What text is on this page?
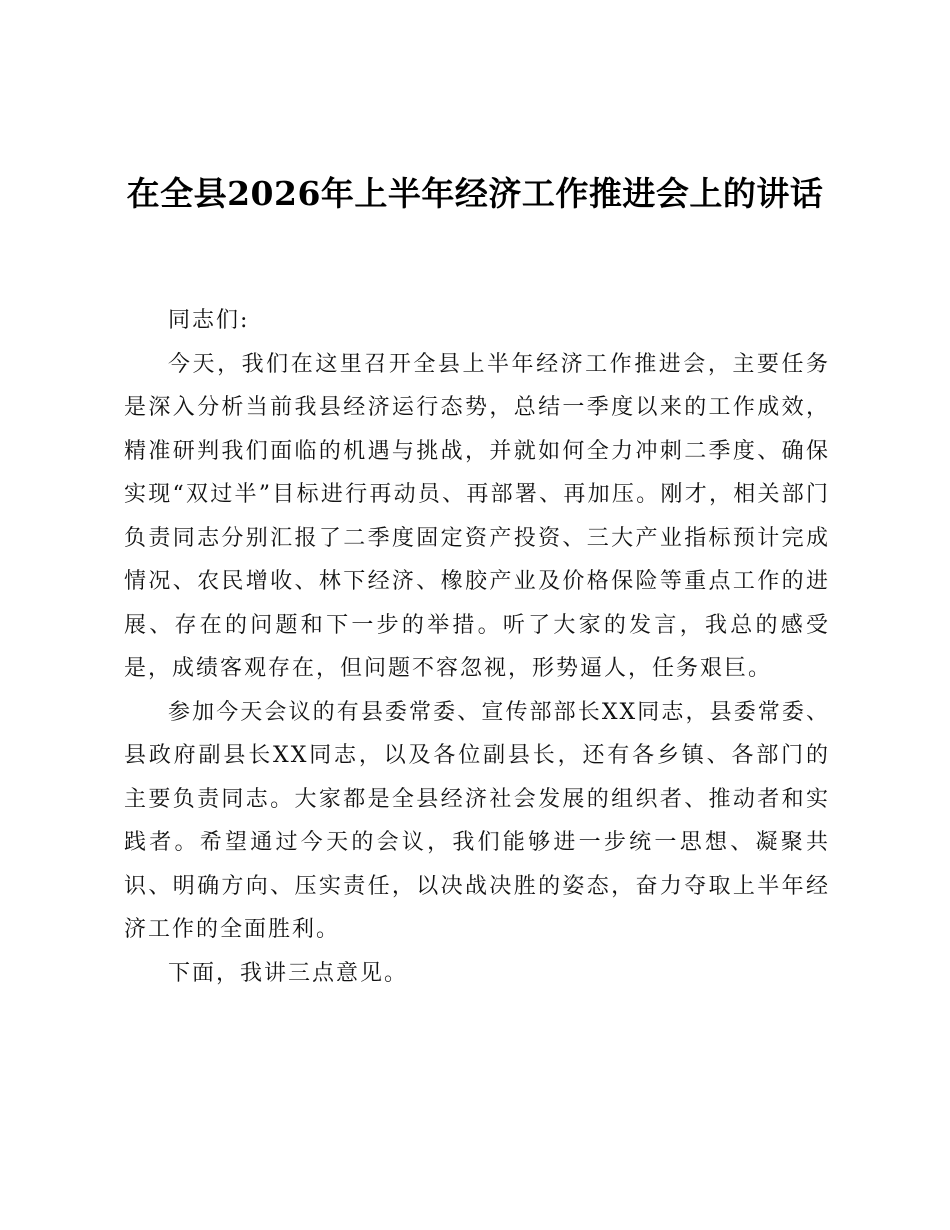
在全县2026年上半年经济工作推进会上的讲话

同志们:

今天，我们在这里召开全县上半年经济工作推进会，主要任务是深入分析当前我县经济运行态势，总结一季度以来的工作成效，精准研判我们面临的机遇与挑战，并就如何全力冲刺二季度、确保实现“双过半”目标进行再动员、再部署、再加压。刚才，相关部门负责同志分别汇报了二季度固定资产投资、三大产业指标预计完成情况、农民增收、林下经济、橡胶产业及价格保险等重点工作的进展、存在的问题和下一步的举措。听了大家的发言，我总的感受是，成绩客观存在，但问题不容忽视，形势逼人，任务艰巨。

参加今天会议的有县委常委、宣传部部长XX同志，县委常委、县政府副县长XX同志，以及各位副县长，还有各乡镇、各部门的主要负责同志。大家都是全县经济社会发展的组织者、推动者和实践者。希望通过今天的会议，我们能够进一步统一思想、凝聚共识、明确方向、压实责任，以决战决胜的姿态，奋力夺取上半年经济工作的全面胜利。

下面，我讲三点意见。
